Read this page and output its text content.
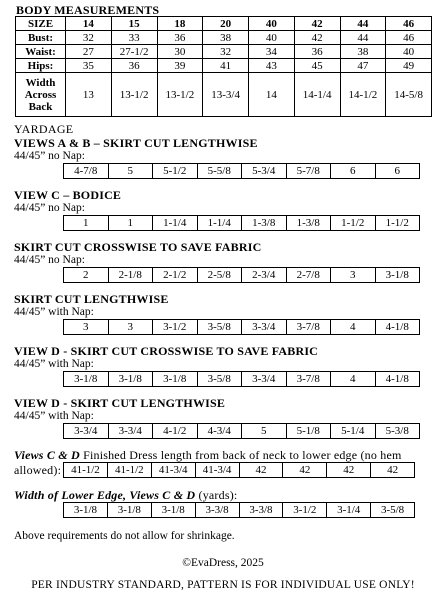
BODY MEASUREMENTS
SIZE	14	15	18	20	40	42	44	46
Bust:	32	33	36	38	40	42	44	46
Waist:	27	27-1/2	30	32	34	36	38	40
Hips:	35	36	39	41	43	45	47	49
Width
Across
Back	13	13-1/2	13-1/2	13-3/4	14	14-1/4	14-1/2	14-5/8
YARDAGE
VIEWS A & B – SKIRT CUT LENGTHWISE
44/45” no Nap:
4-7/8	5	5-1/2	5-5/8	5-3/4	5-7/8	6	6
VIEW C – BODICE
44/45” no Nap:
1	1	1-1/4	1-1/4	1-3/8	1-3/8	1-1/2	1-1/2
SKIRT CUT CROSSWISE TO SAVE FABRIC
44/45” no Nap:
2	2-1/8	2-1/2	2-5/8	2-3/4	2-7/8	3	3-1/8
SKIRT CUT LENGTHWISE
44/45” with Nap:
3	3	3-1/2	3-5/8	3-3/4	3-7/8	4	4-1/8
VIEW D - SKIRT CUT CROSSWISE TO SAVE FABRIC
44/45” with Nap:
3-1/8	3-1/8	3-1/8	3-5/8	3-3/4	3-7/8	4	4-1/8
VIEW D - SKIRT CUT LENGTHWISE
44/45” with Nap:
3-3/4	3-3/4	4-1/2	4-3/4	5	5-1/8	5-1/4	5-3/8
Views C & D Finished Dress length from back of neck to lower edge (no hem allowed): 41-1/2	41-1/2	41-3/4	41-3/4	42	42	42	42
Width of Lower Edge, Views C & D (yards):
3-1/8	3-1/8	3-1/8	3-3/8	3-3/8	3-1/2	3-1/4	3-5/8
Above requirements do not allow for shrinkage.
©EvaDress, 2025
PER INDUSTRY STANDARD, PATTERN IS FOR INDIVIDUAL USE ONLY!
